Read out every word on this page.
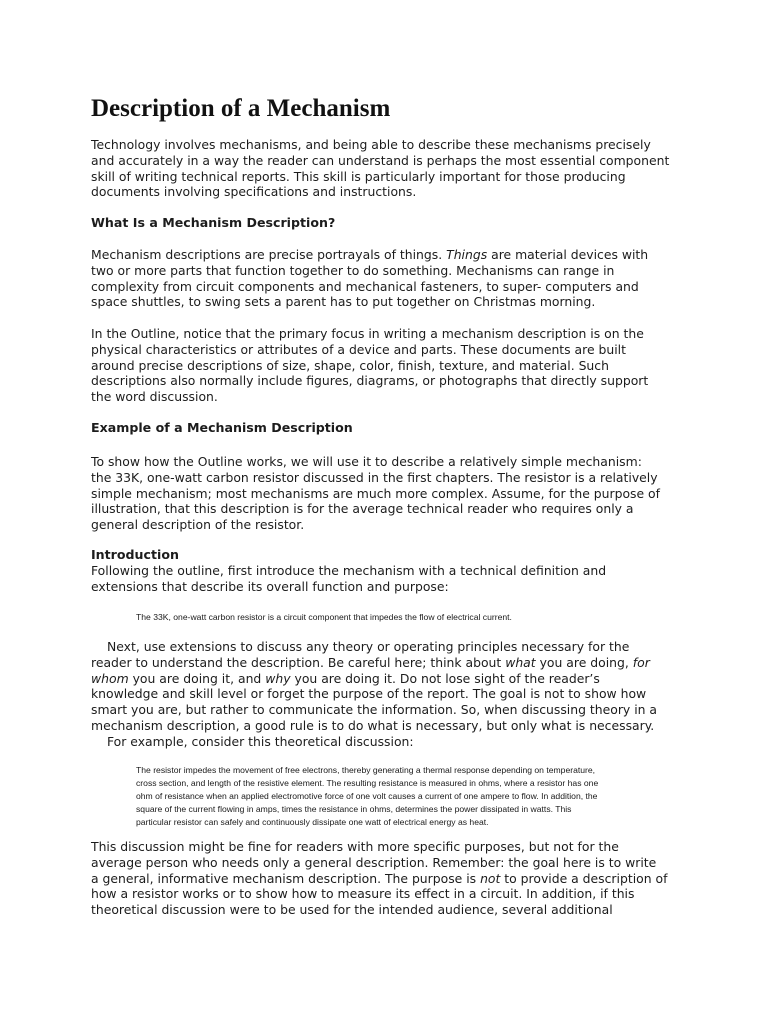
Description of a Mechanism

Technology involves mechanisms, and being able to describe these mechanisms precisely
and accurately in a way the reader can understand is perhaps the most essential component
skill of writing technical reports. This skill is particularly important for those producing
documents involving specifications and instructions.

What Is a Mechanism Description?

Mechanism descriptions are precise portrayals of things. Things are material devices with
two or more parts that function together to do something. Mechanisms can range in
complexity from circuit components and mechanical fasteners, to super- computers and
space shuttles, to swing sets a parent has to put together on Christmas morning.

In the Outline, notice that the primary focus in writing a mechanism description is on the
physical characteristics or attributes of a device and parts. These documents are built
around precise descriptions of size, shape, color, finish, texture, and material. Such
descriptions also normally include figures, diagrams, or photographs that directly support
the word discussion.

Example of a Mechanism Description

To show how the Outline works, we will use it to describe a relatively simple mechanism:
the 33K, one-watt carbon resistor discussed in the first chapters. The resistor is a relatively
simple mechanism; most mechanisms are much more complex. Assume, for the purpose of
illustration, that this description is for the average technical reader who requires only a
general description of the resistor.

Introduction

Following the outline, first introduce the mechanism with a technical definition and
extensions that describe its overall function and purpose:

The 33K, one-watt carbon resistor is a circuit component that impedes the flow of electrical current.

Next, use extensions to discuss any theory or operating principles necessary for the
reader to understand the description. Be careful here; think about what you are doing, for
whom you are doing it, and why you are doing it. Do not lose sight of the reader’s
knowledge and skill level or forget the purpose of the report. The goal is not to show how
smart you are, but rather to communicate the information. So, when discussing theory in a
mechanism description, a good rule is to do what is necessary, but only what is necessary.
For example, consider this theoretical discussion:

The resistor impedes the movement of free electrons, thereby generating a thermal response depending on temperature,
cross section, and length of the resistive element. The resulting resistance is measured in ohms, where a resistor has one
ohm of resistance when an applied electromotive force of one volt causes a current of one ampere to flow. In addition, the
square of the current flowing in amps, times the resistance in ohms, determines the power dissipated in watts. This
particular resistor can safely and continuously dissipate one watt of electrical energy as heat.

This discussion might be fine for readers with more specific purposes, but not for the
average person who needs only a general description. Remember: the goal here is to write
a general, informative mechanism description. The purpose is not to provide a description of
how a resistor works or to show how to measure its effect in a circuit. In addition, if this
theoretical discussion were to be used for the intended audience, several additional
